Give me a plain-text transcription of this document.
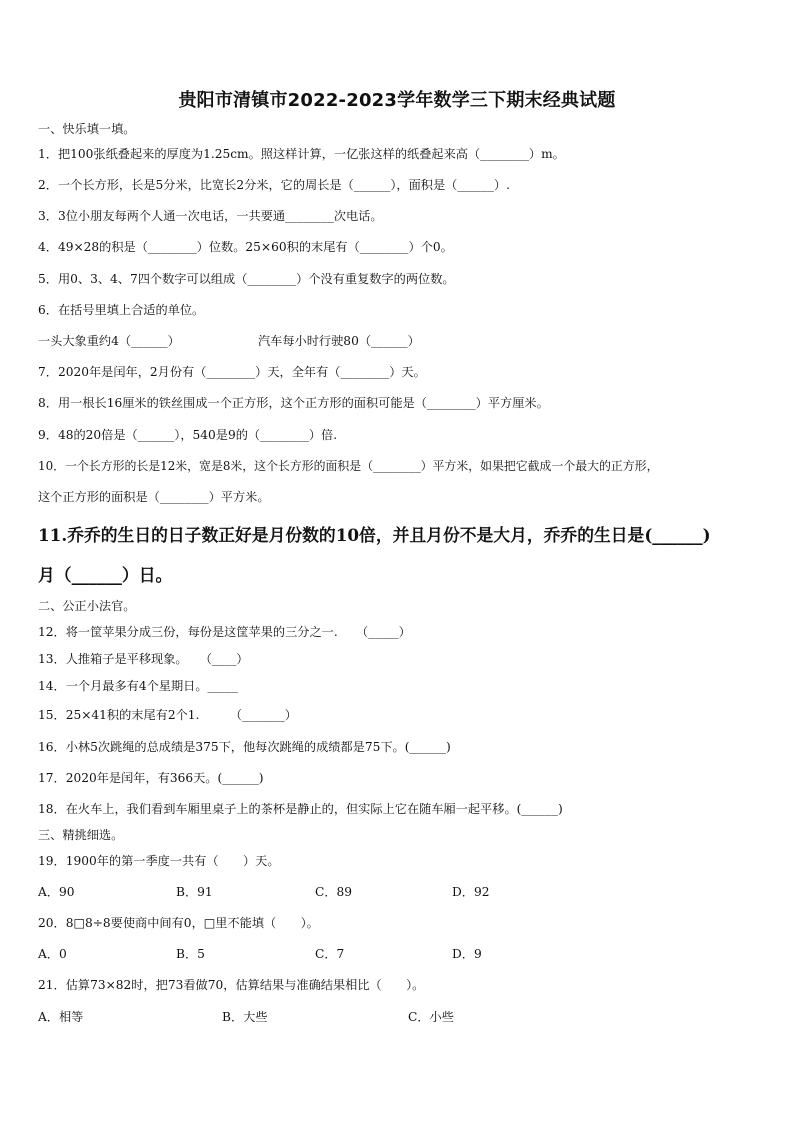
贵阳市清镇市2022-2023学年数学三下期末经典试题
一、快乐填一填。
1．把100张纸叠起来的厚度为1.25cm。照这样计算，一亿张这样的纸叠起来高（________）m。
2．一个长方形，长是5分米，比宽长2分米，它的周长是（______），面积是（______）.
3．3位小朋友每两个人通一次电话，一共要通________次电话。
4．49×28的积是（________）位数。25×60积的末尾有（________）个0。
5．用0、3、4、7四个数字可以组成（________）个没有重复数字的两位数。
6．在括号里填上合适的单位。
一头大象重约4（______）	汽车每小时行驶80（______）
7．2020年是闰年，2月份有（________）天，全年有（________）天。
8．用一根长16厘米的铁丝围成一个正方形，这个正方形的面积可能是（________）平方厘米。
9．48的20倍是（______），540是9的（________）倍.
10．一个长方形的长是12米，宽是8米，这个长方形的面积是（________）平方米，如果把它截成一个最大的正方形，
这个正方形的面积是（________）平方米。
11.乔乔的生日的日子数正好是月份数的10倍，并且月份不是大月，乔乔的生日是(______)
月（______）日。
二、公正小法官。
12．将一筐苹果分成三份，每份是这筐苹果的三分之一.　　（_____）
13．人推箱子是平移现象。　　（____）
14．一个月最多有4个星期日。_____
15．25×41积的末尾有2个1.　　　（_______）
16．小林5次跳绳的总成绩是375下，他每次跳绳的成绩都是75下。(______)
17．2020年是闰年，有366天。(______)
18．在火车上，我们看到车厢里桌子上的茶杯是静止的，但实际上它在随车厢一起平移。(______)
三、精挑细选。
19．1900年的第一季度一共有（　　）天。
A．90	B．91	C．89	D．92
20．8□8÷8要使商中间有0，□里不能填（　　）。
A．0	B．5	C．7	D．9
21．估算73×82时，把73看做70，估算结果与准确结果相比（　　）。
A．相等	B．大些	C．小些
